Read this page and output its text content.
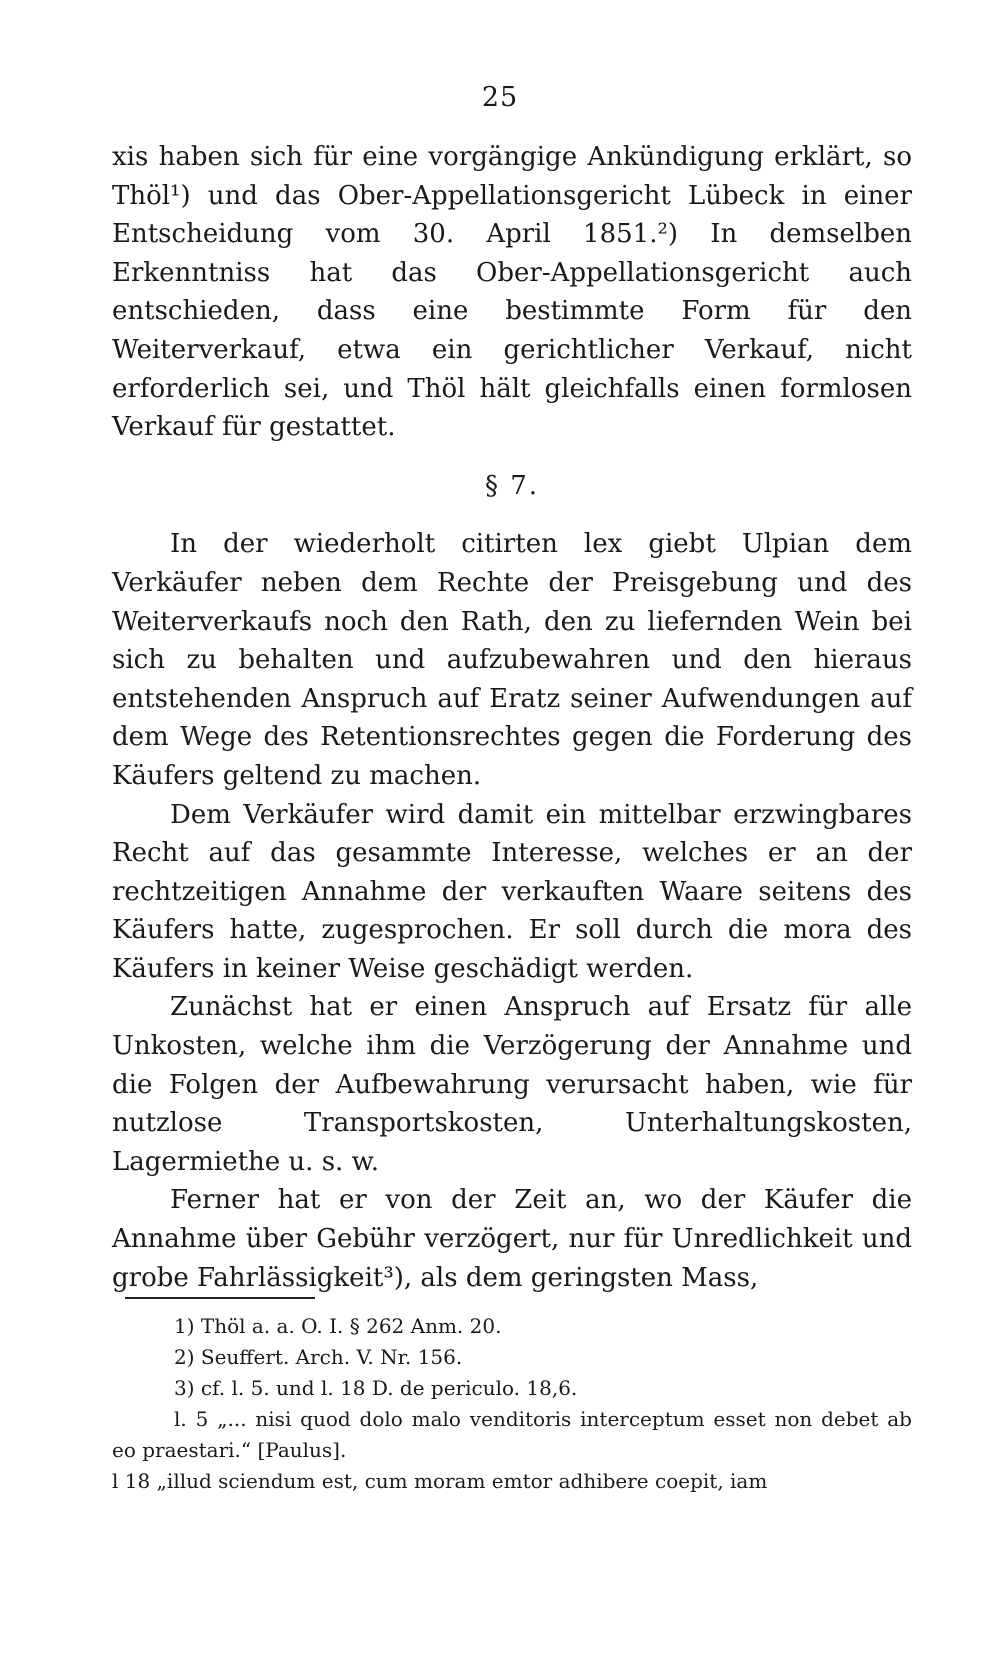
25

xis haben sich für eine vorgängige Ankündigung erklärt, so Thöl¹) und das Ober-Appellationsgericht Lübeck in einer Entscheidung vom 30. April 1851.²) In demselben Erkenntniss hat das Ober-Appellationsgericht auch entschieden, dass eine bestimmte Form für den Weiterverkauf, etwa ein gerichtlicher Verkauf, nicht erforderlich sei, und Thöl hält gleichfalls einen formlosen Verkauf für gestattet.

§ 7.

In der wiederholt citirten lex giebt Ulpian dem Verkäufer neben dem Rechte der Preisgebung und des Weiterverkaufs noch den Rath, den zu liefernden Wein bei sich zu behalten und aufzubewahren und den hieraus entstehenden Anspruch auf Eratz seiner Aufwendungen auf dem Wege des Retentionsrechtes gegen die Forderung des Käufers geltend zu machen.

Dem Verkäufer wird damit ein mittelbar erzwingbares Recht auf das gesammte Interesse, welches er an der rechtzeitigen Annahme der verkauften Waare seitens des Käufers hatte, zugesprochen. Er soll durch die mora des Käufers in keiner Weise geschädigt werden.

Zunächst hat er einen Anspruch auf Ersatz für alle Unkosten, welche ihm die Verzögerung der Annahme und die Folgen der Aufbewahrung verursacht haben, wie für nutzlose Transportskosten, Unterhaltungskosten, Lagermiethe u. s. w.

Ferner hat er von der Zeit an, wo der Käufer die Annahme über Gebühr verzögert, nur für Unredlichkeit und grobe Fahrlässigkeit³), als dem geringsten Mass,

1) Thöl a. a. O. I. § 262 Anm. 20.

2) Seuffert. Arch. V. Nr. 156.

3) cf. l. 5. und l. 18 D. de periculo. 18,6.

l. 5 „... nisi quod dolo malo venditoris interceptum esset non debet ab eo praestari.“ [Paulus].

l 18 „illud sciendum est, cum moram emtor adhibere coepit, iam
